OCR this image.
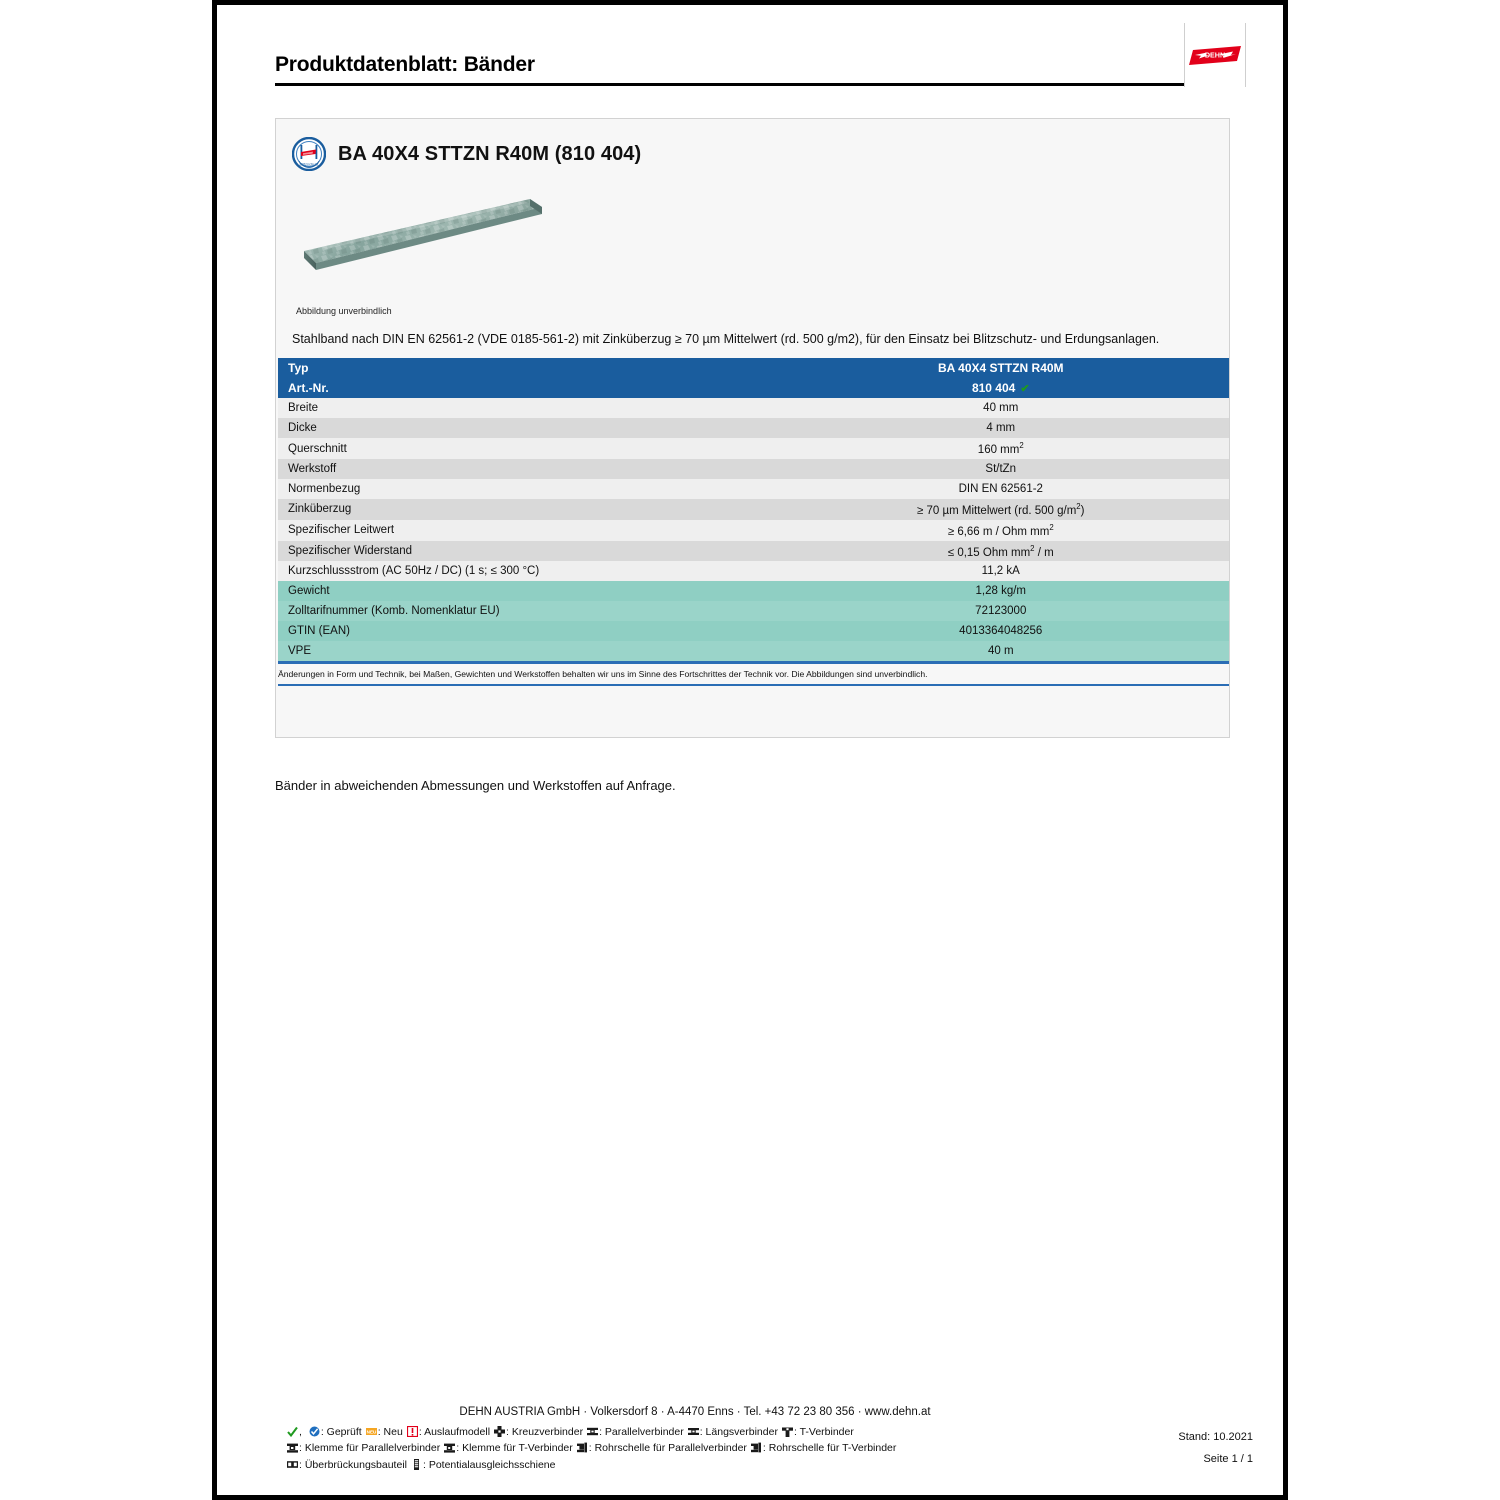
Produktdatenblatt: Bänder	DEHN
Blitzschutz BA 40X4 STTZN R40M (810 404)
Abbildung unverbindlich
Stahlband nach DIN EN 62561-2 (VDE 0185-561-2) mit Zinküberzug ≥ 70 µm Mittelwert (rd. 500 g/m2), für den Einsatz bei Blitzschutz- und Erdungsanlagen.
Typ	BA 40X4 STTZN R40M
Art.-Nr.	810 404 ✔
Breite	40 mm
Dicke	4 mm
Querschnitt	160 $mm^2$
Werkstoff	St/tZn
Normenbezug	DIN EN 62561-2
Zinküberzug	≥ 70 µm Mittelwert (rd. 500 $g/m^2$)
Spezifischer Leitwert	≥ 6,66 m / Ohm $mm^2$
Spezifischer Widerstand	≤ 0,15 Ohm $mm^2$ / m
Kurzschlussstrom (AC 50Hz / DC) (1 s; ≤ 300 °C)	11,2 kA
Gewicht	1,28 kg/m
Zolltarifnummer (Komb. Nomenklatur EU)	72123000
GTIN (EAN)	4013364048256
VPE	40 m
Änderungen in Form und Technik, bei Maßen, Gewichten und Werkstoffen behalten wir uns im Sinne des Fortschrittes der Technik vor. Die Abbildungen sind unverbindlich.
Bänder in abweichenden Abmessungen und Werkstoffen auf Anfrage.
DEHN AUSTRIA GmbH · Volkersdorf 8 · A-4470 Enns · Tel. +43 72 23 80 356 · www.dehn.at
, : Geprüft NEU : Neu : Auslaufmodell : Kreuzverbinder : Parallelverbinder : Längsverbinder : T-Verbinder
: Klemme für Parallelverbinder : Klemme für T-Verbinder : Rohrschelle für Parallelverbinder : Rohrschelle für T-Verbinder
: Überbrückungsbauteil : Potentialausgleichsschiene
Stand: 10.2021
Seite 1 / 1
